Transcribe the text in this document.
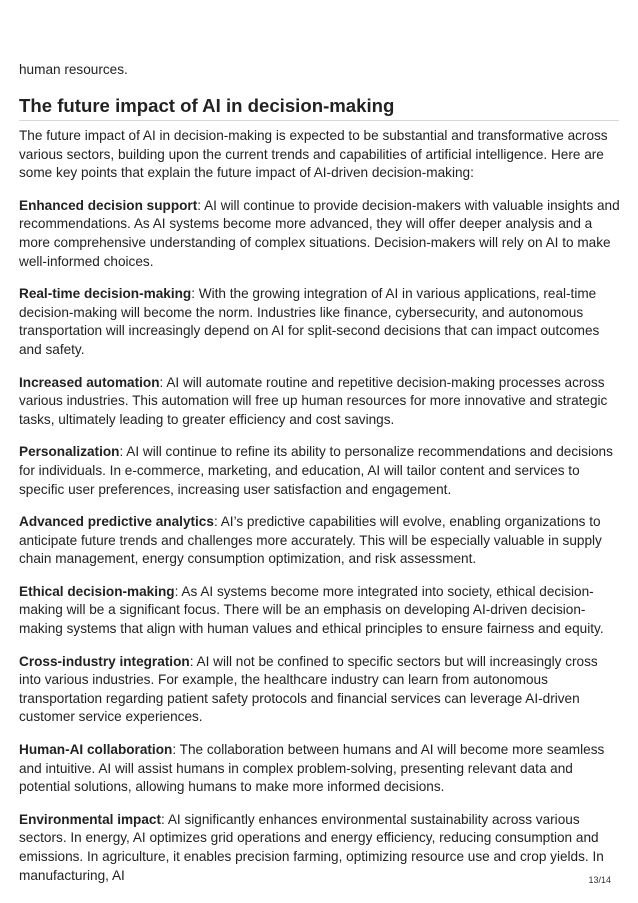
human resources.

The future impact of AI in decision-making

The future impact of AI in decision-making is expected to be substantial and transformative across various sectors, building upon the current trends and capabilities of artificial intelligence. Here are some key points that explain the future impact of AI-driven decision-making:

Enhanced decision support: AI will continue to provide decision-makers with valuable insights and recommendations. As AI systems become more advanced, they will offer deeper analysis and a more comprehensive understanding of complex situations. Decision-makers will rely on AI to make well-informed choices.

Real-time decision-making: With the growing integration of AI in various applications, real-time decision-making will become the norm. Industries like finance, cybersecurity, and autonomous transportation will increasingly depend on AI for split-second decisions that can impact outcomes and safety.

Increased automation: AI will automate routine and repetitive decision-making processes across various industries. This automation will free up human resources for more innovative and strategic tasks, ultimately leading to greater efficiency and cost savings.

Personalization: AI will continue to refine its ability to personalize recommendations and decisions for individuals. In e-commerce, marketing, and education, AI will tailor content and services to specific user preferences, increasing user satisfaction and engagement.

Advanced predictive analytics: AI’s predictive capabilities will evolve, enabling organizations to anticipate future trends and challenges more accurately. This will be especially valuable in supply chain management, energy consumption optimization, and risk assessment.

Ethical decision-making: As AI systems become more integrated into society, ethical decision-making will be a significant focus. There will be an emphasis on developing AI-driven decision-making systems that align with human values and ethical principles to ensure fairness and equity.

Cross-industry integration: AI will not be confined to specific sectors but will increasingly cross into various industries. For example, the healthcare industry can learn from autonomous transportation regarding patient safety protocols and financial services can leverage AI-driven customer service experiences.

Human-AI collaboration: The collaboration between humans and AI will become more seamless and intuitive. AI will assist humans in complex problem-solving, presenting relevant data and potential solutions, allowing humans to make more informed decisions.

Environmental impact: AI significantly enhances environmental sustainability across various sectors. In energy, AI optimizes grid operations and energy efficiency, reducing consumption and emissions. In agriculture, it enables precision farming, optimizing resource use and crop yields. In manufacturing, AI	13/14
